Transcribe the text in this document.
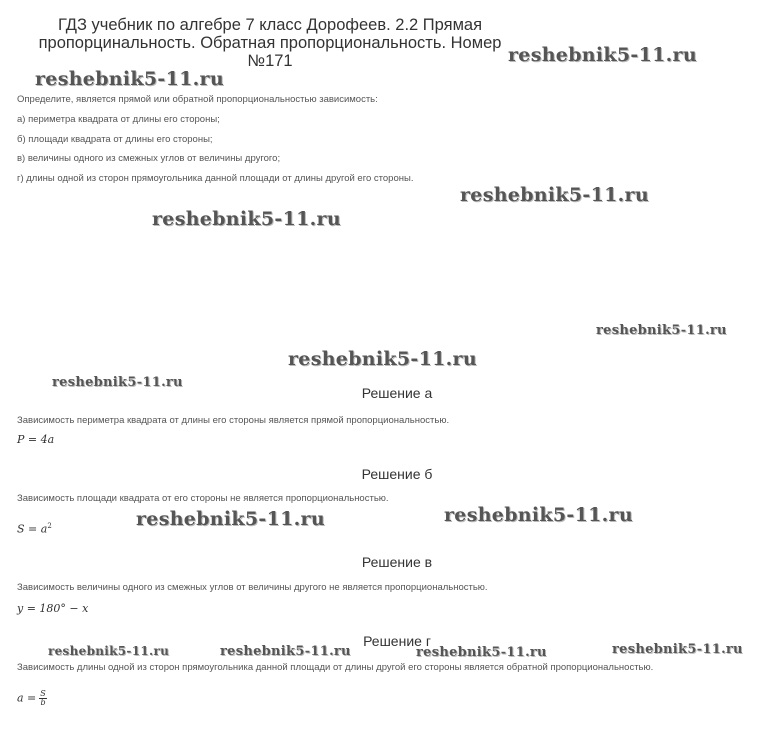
ГДЗ учебник по алгебре 7 класс Дорофеев. 2.2 Прямая пропорцинальность. Обратная пропорциональность. Номер №171
Определите, является прямой или обратной пропорциональностью зависимость:
а) периметра квадрата от длины его стороны;
б) площади квадрата от длины его стороны;
в) величины одного из смежных углов от величины другого;
г) длины одной из сторон прямоугольника данной площади от длины другой его стороны.
Решение а
Зависимость периметра квадрата от длины его стороны является прямой пропорциональностью.
P = 4a
Решение б
Зависимость площади квадрата от его стороны не является пропорциональностью.
$S = a^2$
Решение в
Зависимость величины одного из смежных углов от величины другого не является пропорциональностью.
y = 180° − x
Решение г
Зависимость длины одной из сторон прямоугольника данной площади от длины другой его стороны является обратной пропорциональностью.
$a = \frac{S}{b}$
reshebnik5-11.ru
reshebnik5-11.ru
reshebnik5-11.ru
reshebnik5-11.ru
reshebnik5-11.ru
reshebnik5-11.ru
reshebnik5-11.ru
reshebnik5-11.ru	reshebnik5-11.ru
reshebnik5-11.ru	reshebnik5-11.ru	reshebnik5-11.ru	reshebnik5-11.ru
